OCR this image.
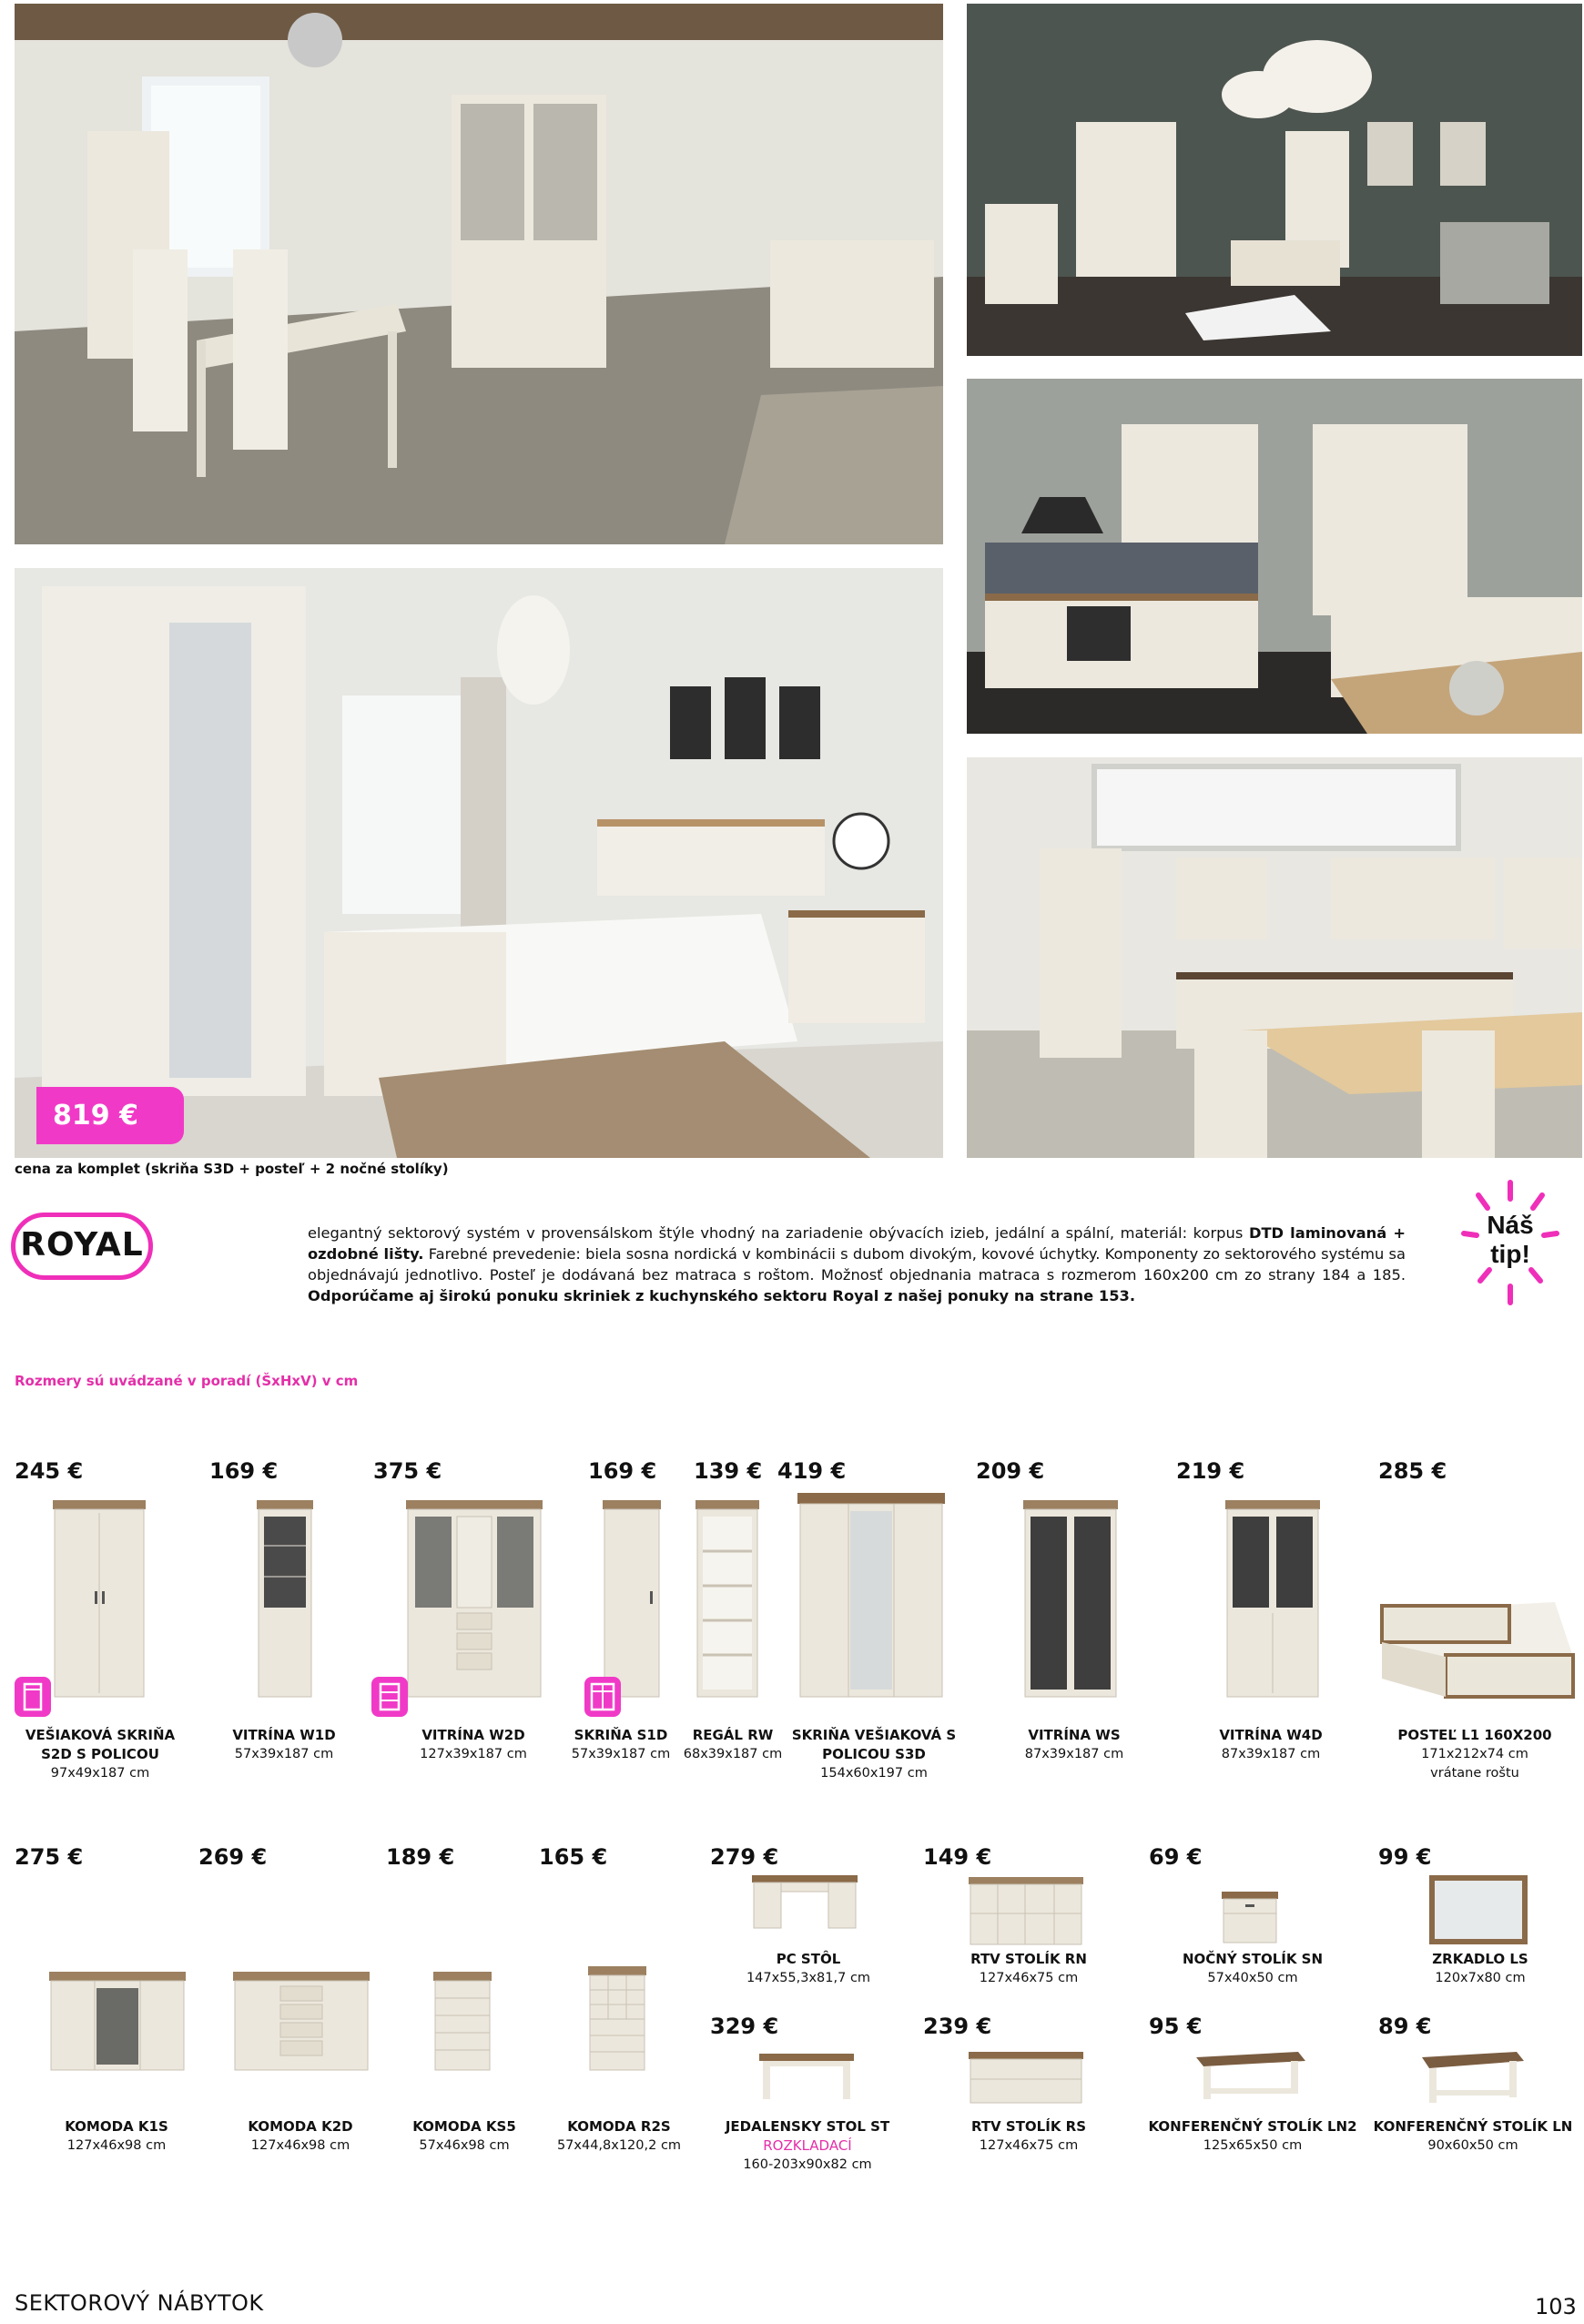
819 €
cena za komplet (skriňa S3D + posteľ + 2 nočné stolíky)
ROYAL	elegantný sektorový systém v provensálskom štýle vhodný na zariadenie obývacích izieb, jedální a spální, materiál: korpus DTD laminovaná + ozdobné lišty. Farebné prevedenie: biela sosna nordická v kombinácii s dubom divokým, kovové úchytky. Komponenty zo sektorového systému sa objednávajú jednotlivo. Posteľ je dodávaná bez matraca s roštom. Možnosť objednania matraca s rozmerom 160x200 cm zo strany 184 a 185. Odporúčame aj širokú ponuku skriniek z kuchynského sektoru Royal z našej ponuky na strane 153.
Náš
tip!
Rozmery sú uvádzané v poradí (ŠxHxV) v cm
245 €	169 €	375 €	169 € 139 € 419 €	209 €	219 €	285 €
VEŠIAKOVÁ SKRIŇA
S2D S POLICOU
97x49x187 cm
VITRÍNA W1D
57x39x187 cm
VITRÍNA W2D
127x39x187 cm
SKRIŇA S1D
57x39x187 cm
REGÁL RW
68x39x187 cm
SKRIŇA VEŠIAKOVÁ S
POLICOU S3D
154x60x197 cm
VITRÍNA WS
87x39x187 cm
VITRÍNA W4D
87x39x187 cm
POSTEĽ L1 160X200
171x212x74 cm
vrátane roštu
275 €	269 €	189 €	165 €	279 €	149 €	69 €	99 €
PC STÔL
147x55,3x81,7 cm
RTV STOLÍK RN
127x46x75 cm
NOČNÝ STOLÍK SN
57x40x50 cm
ZRKADLO LS
120x7x80 cm
329 €	239 €	95 €	89 €
KOMODA K1S
127x46x98 cm
KOMODA K2D
127x46x98 cm
KOMODA KS5
57x46x98 cm
KOMODA R2S
57x44,8x120,2 cm
JEDALENSKY STOL ST
ROZKLADACÍ
160-203x90x82 cm
RTV STOLÍK RS
127x46x75 cm
KONFERENČNÝ STOLÍK LN2
125x65x50 cm
KONFERENČNÝ STOLÍK LN
90x60x50 cm
SEKTOROVÝ NÁBYTOK	103
